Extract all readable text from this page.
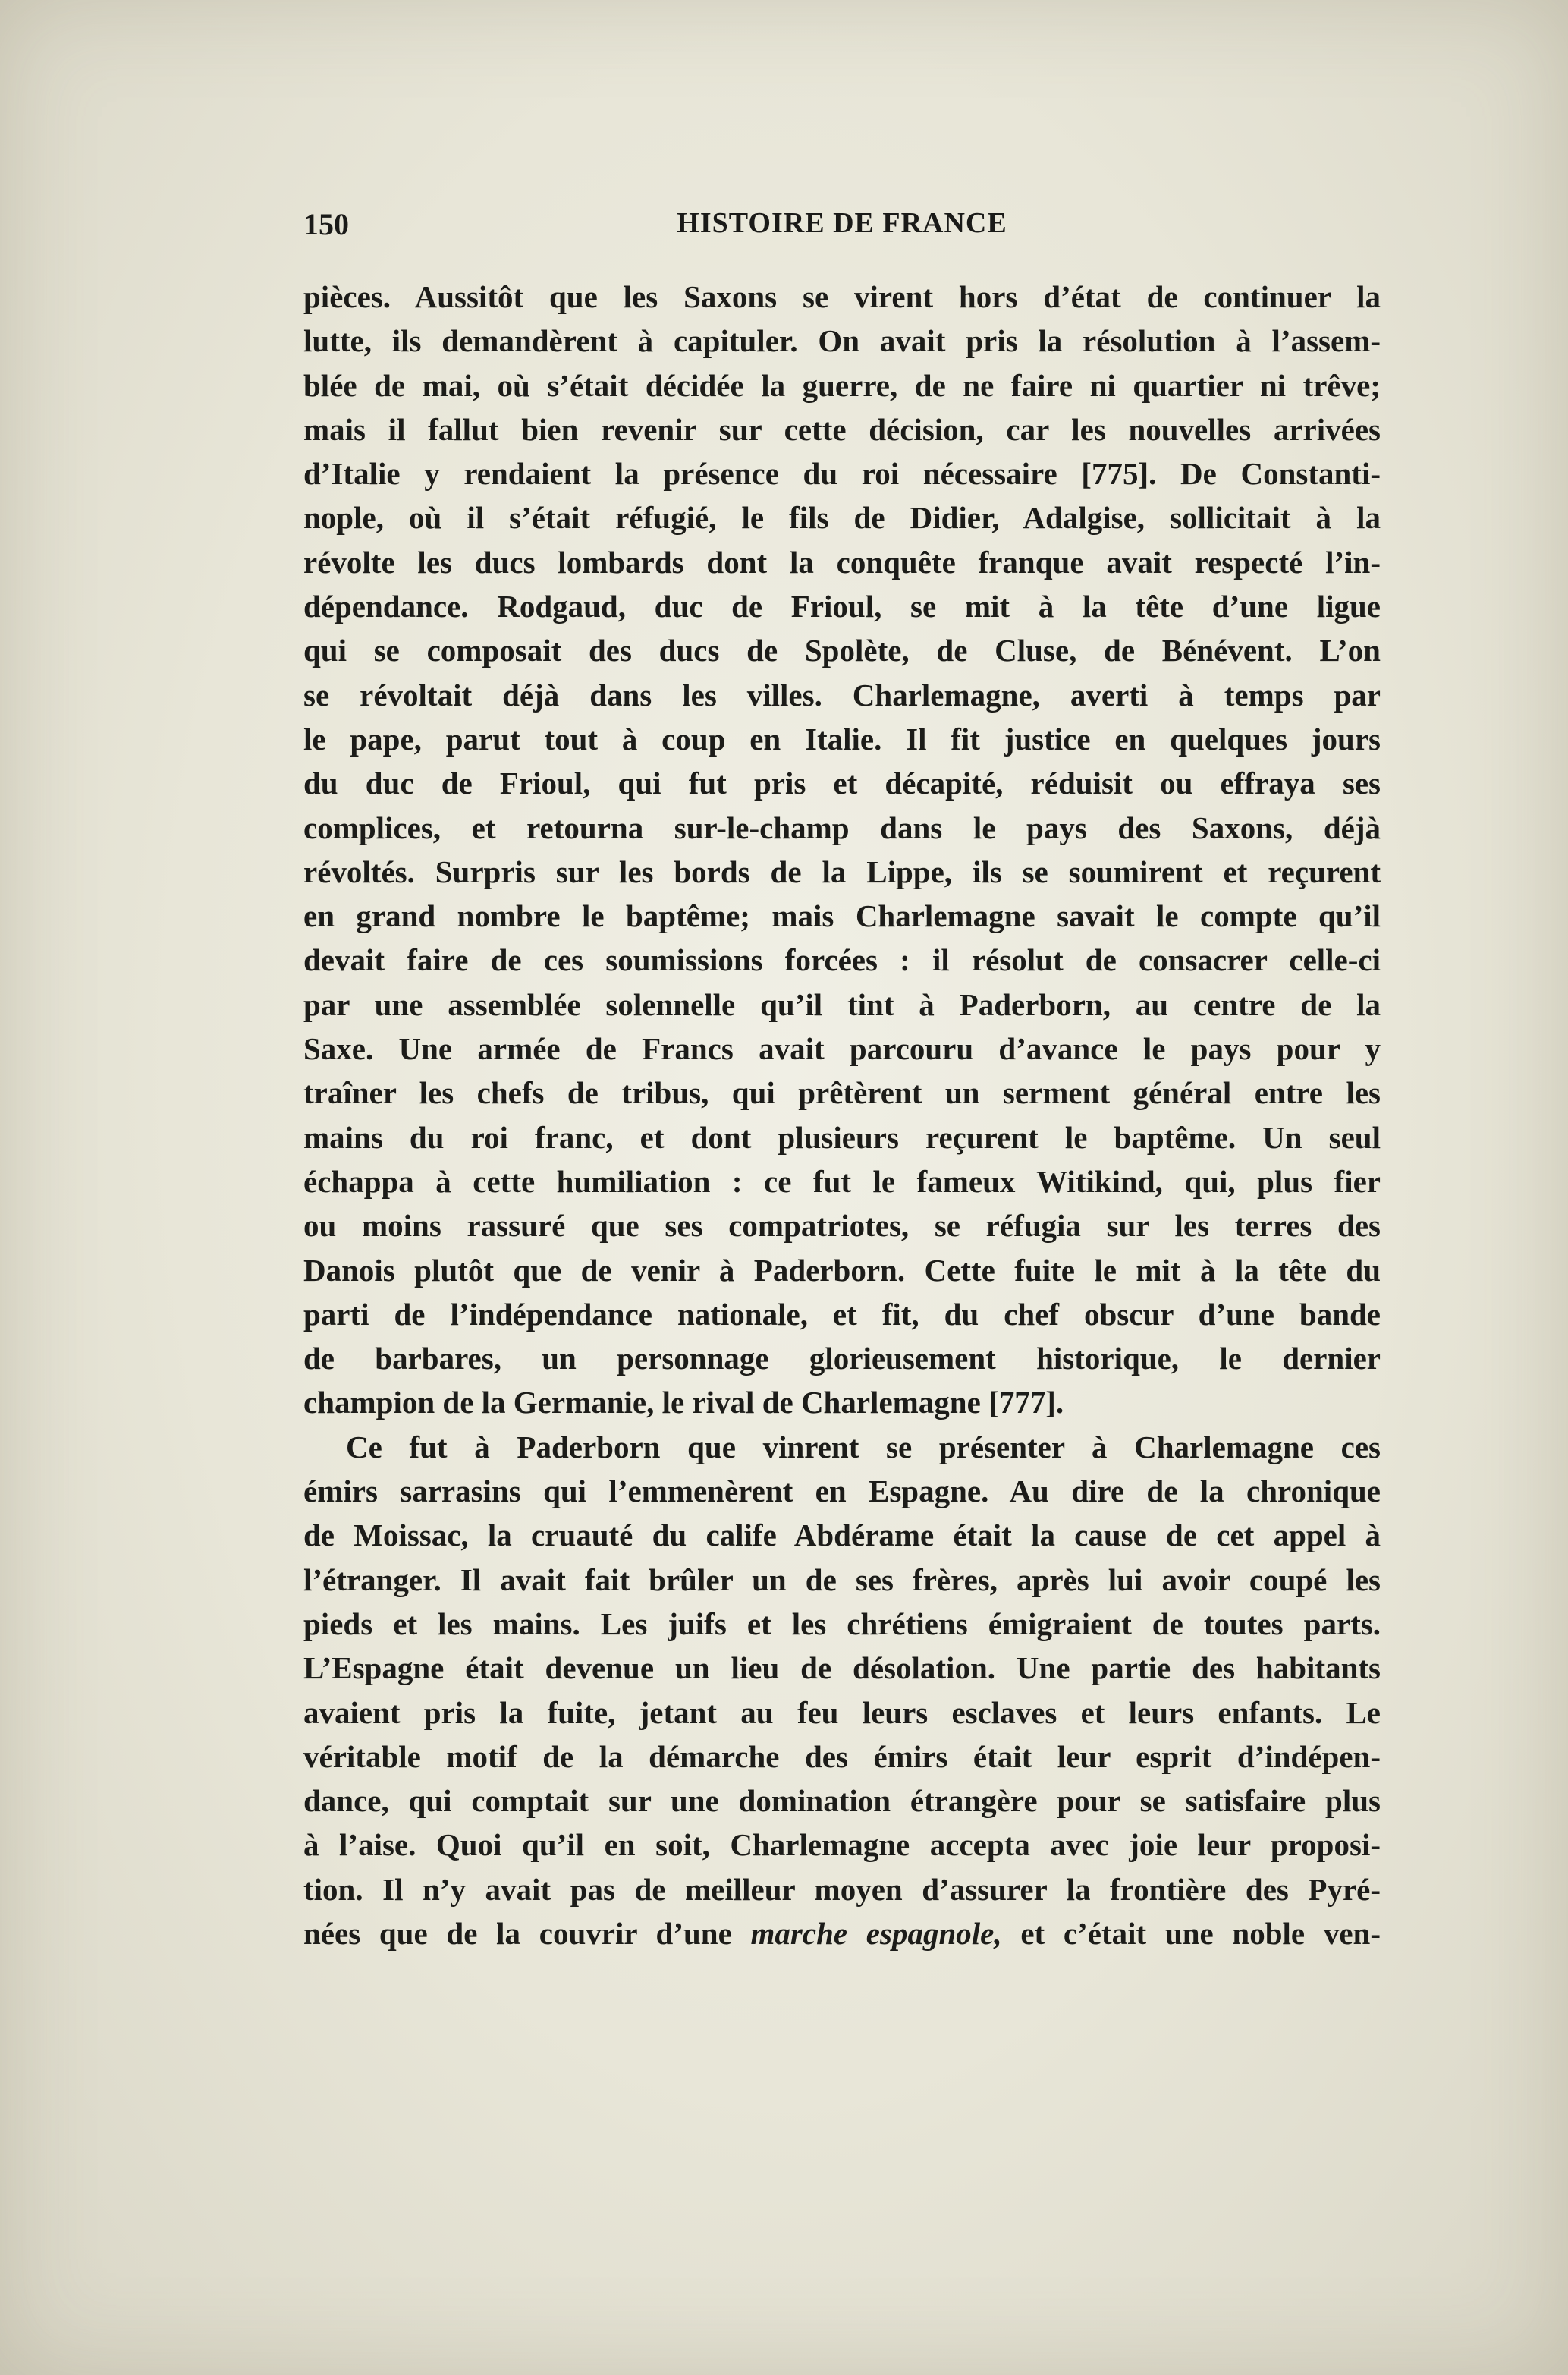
150	HISTOIRE DE FRANCE
pièces. Aussitôt que les Saxons se virent hors d’état de continuer la
lutte, ils demandèrent à capituler. On avait pris la résolution à l’assem-
blée de mai, où s’était décidée la guerre, de ne faire ni quartier ni trêve;
mais il fallut bien revenir sur cette décision, car les nouvelles arrivées
d’Italie y rendaient la présence du roi nécessaire [775]. De Constanti-
nople, où il s’était réfugié, le fils de Didier, Adalgise, sollicitait à la
révolte les ducs lombards dont la conquête franque avait respecté l’in-
dépendance. Rodgaud, duc de Frioul, se mit à la tête d’une ligue
qui se composait des ducs de Spolète, de Cluse, de Bénévent. L’on
se révoltait déjà dans les villes. Charlemagne, averti à temps par
le pape, parut tout à coup en Italie. Il fit justice en quelques jours
du duc de Frioul, qui fut pris et décapité, réduisit ou effraya ses
complices, et retourna sur-le-champ dans le pays des Saxons, déjà
révoltés. Surpris sur les bords de la Lippe, ils se soumirent et reçurent
en grand nombre le baptême; mais Charlemagne savait le compte qu’il
devait faire de ces soumissions forcées : il résolut de consacrer celle-ci
par une assemblée solennelle qu’il tint à Paderborn, au centre de la
Saxe. Une armée de Francs avait parcouru d’avance le pays pour y
traîner les chefs de tribus, qui prêtèrent un serment général entre les
mains du roi franc, et dont plusieurs reçurent le baptême. Un seul
échappa à cette humiliation : ce fut le fameux Witikind, qui, plus fier
ou moins rassuré que ses compatriotes, se réfugia sur les terres des
Danois plutôt que de venir à Paderborn. Cette fuite le mit à la tête du
parti de l’indépendance nationale, et fit, du chef obscur d’une bande
de barbares, un personnage glorieusement historique, le dernier
champion de la Germanie, le rival de Charlemagne [777].
Ce fut à Paderborn que vinrent se présenter à Charlemagne ces
émirs sarrasins qui l’emmenèrent en Espagne. Au dire de la chronique
de Moissac, la cruauté du calife Abdérame était la cause de cet appel à
l’étranger. Il avait fait brûler un de ses frères, après lui avoir coupé les
pieds et les mains. Les juifs et les chrétiens émigraient de toutes parts.
L’Espagne était devenue un lieu de désolation. Une partie des habitants
avaient pris la fuite, jetant au feu leurs esclaves et leurs enfants. Le
véritable motif de la démarche des émirs était leur esprit d’indépen-
dance, qui comptait sur une domination étrangère pour se satisfaire plus
à l’aise. Quoi qu’il en soit, Charlemagne accepta avec joie leur proposi-
tion. Il n’y avait pas de meilleur moyen d’assurer la frontière des Pyré-
nées que de la couvrir d’une marche espagnole, et c’était une noble ven-
